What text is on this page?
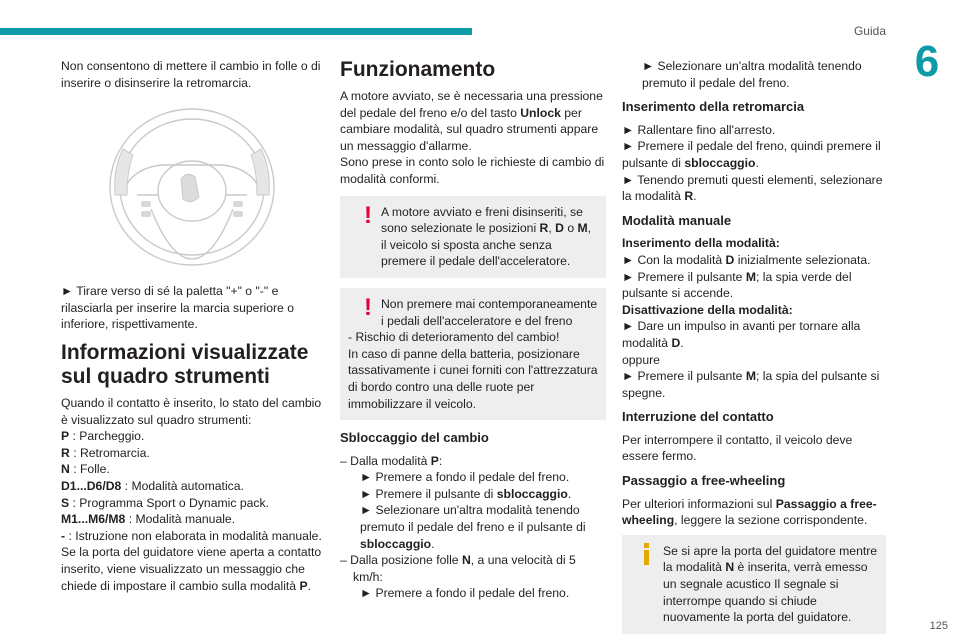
Guida
6

Non consentono di mettere il cambio in folle o di inserire o disinserire la retromarcia.

► Tirare verso di sé la paletta "+" o "-" e rilasciarla per inserire la marcia superiore o inferiore, rispettivamente.

Informazioni visualizzate sul quadro strumenti

Quando il contatto è inserito, lo stato del cambio è visualizzato sul quadro strumenti:

P : Parcheggio.

R : Retromarcia.

N : Folle.

D1...D6/D8 : Modalità automatica.

S : Programma Sport o Dynamic pack.

M1...M6/M8 : Modalità manuale.

- : Istruzione non elaborata in modalità manuale.

Se la porta del guidatore viene aperta a contatto inserito, viene visualizzato un messaggio che chiede di impostare il cambio sulla modalità P.

Funzionamento

A motore avviato, se è necessaria una pressione del pedale del freno e/o del tasto Unlock per cambiare modalità, sul quadro strumenti appare un messaggio d'allarme.

Sono prese in conto solo le richieste di cambio di modalità conformi.

! A motore avviato e freni disinseriti, se sono selezionate le posizioni R, D o M, il veicolo si sposta anche senza premere il pedale dell'acceleratore.

! Non premere mai contemporaneamente i pedali dell'acceleratore e del freno

- Rischio di deterioramento del cambio!

In caso di panne della batteria, posizionare tassativamente i cunei forniti con l'attrezzatura di bordo contro una delle ruote per immobilizzare il veicolo.

Sbloccaggio del cambio

– Dalla modalità P:

► Premere a fondo il pedale del freno.

► Premere il pulsante di sbloccaggio.

► Selezionare un'altra modalità tenendo premuto il pedale del freno e il pulsante di sbloccaggio.

– Dalla posizione folle N, a una velocità di 5 km/h:

► Premere a fondo il pedale del freno.

► Selezionare un'altra modalità tenendo premuto il pedale del freno.

Inserimento della retromarcia

► Rallentare fino all'arresto.

► Premere il pedale del freno, quindi premere il pulsante di sbloccaggio.

► Tenendo premuti questi elementi, selezionare la modalità R.

Modalità manuale
Inserimento della modalità:

► Con la modalità D inizialmente selezionata.

► Premere il pulsante M; la spia verde del pulsante si accende.

Disattivazione della modalità:

► Dare un impulso in avanti per tornare alla modalità D.

oppure

► Premere il pulsante M; la spia del pulsante si spegne.

Interruzione del contatto

Per interrompere il contatto, il veicolo deve essere fermo.

Passaggio a free-wheeling

Per ulteriori informazioni sul Passaggio a free-wheeling, leggere la sezione corrispondente.

Se si apre la porta del guidatore mentre la modalità N è inserita, verrà emesso un segnale acustico Il segnale si interrompe quando si chiude nuovamente la porta del guidatore.

125
